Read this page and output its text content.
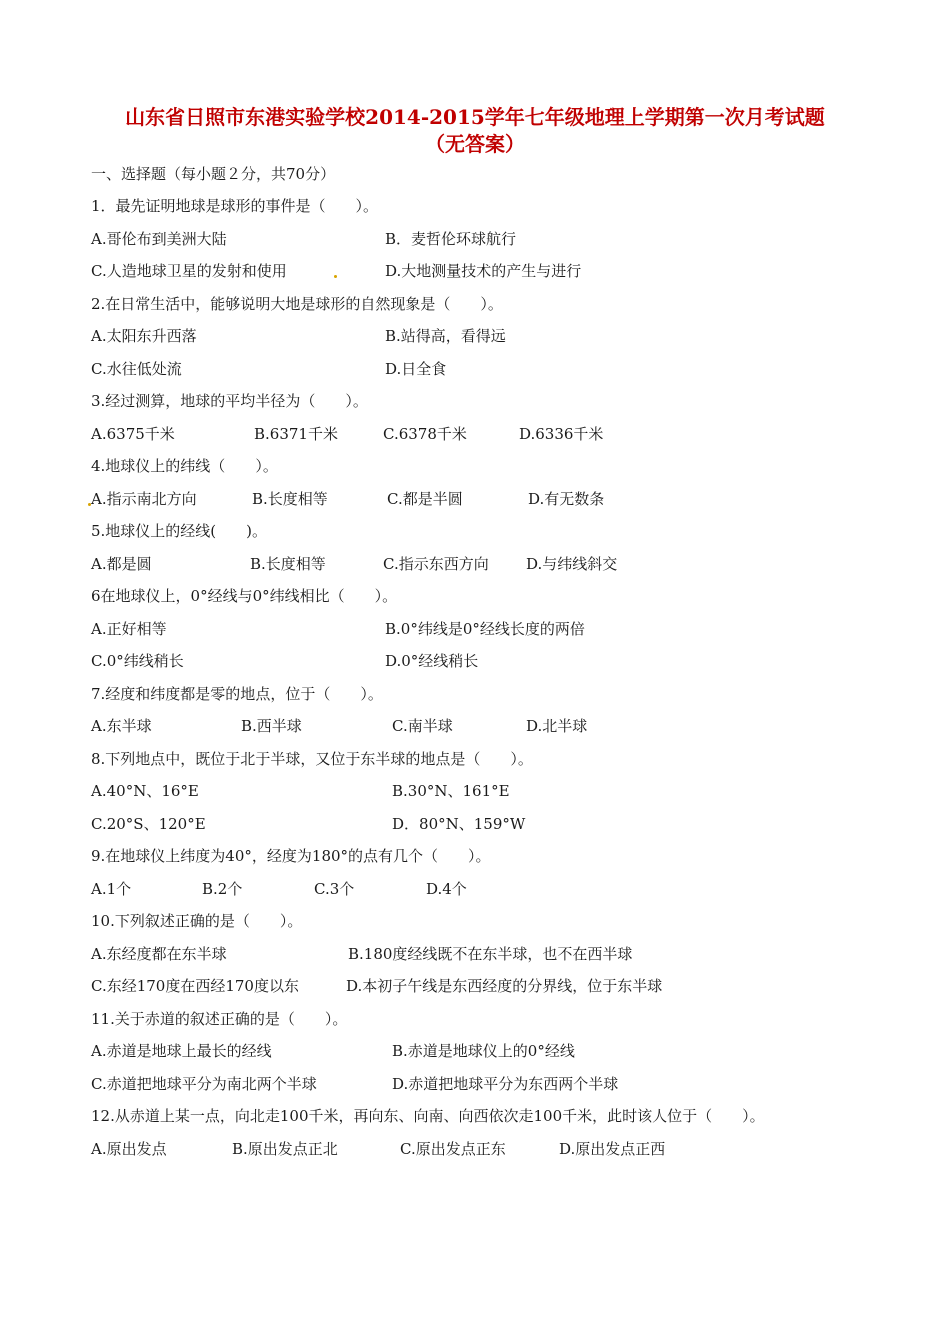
山东省日照市东港实验学校2014-2015学年七年级地理上学期第一次月考试题
（无答案）
一、选择题（每小题２分，共70分）
1．最先证明地球是球形的事件是（　　）。
A.哥伦布到美洲大陆	B．麦哲伦环球航行
C.人造地球卫星的发射和使用	D.大地测量技术的产生与进行
2.在日常生活中，能够说明大地是球形的自然现象是（　　）。
A.太阳东升西落	B.站得高，看得远
C.水往低处流	D.日全食
3.经过测算，地球的平均半径为（　　）。
A.6375千米	B.6371千米	C.6378千米	D.6336千米
4.地球仪上的纬线（　　）。
A.指示南北方向	B.长度相等	C.都是半圆	D.有无数条
5.地球仪上的经线(　　)。
A.都是圆	B.长度相等	C.指示东西方向 D.与纬线斜交
6在地球仪上，0°经线与0°纬线相比（　　）。
A.正好相等	B.0°纬线是0°经线长度的两倍
C.0°纬线稍长	D.0°经线稍长
7.经度和纬度都是零的地点，位于（　　）。
A.东半球	B.西半球	C.南半球	D.北半球
8.下列地点中，既位于北于半球，又位于东半球的地点是（　　）。
A.40°N、16°E	B.30°N、161°E
C.20°S、120°E	D．80°N、159°W
9.在地球仪上纬度为40°，经度为180°的点有几个（　　）。
A.1个	B.2个	C.3个	D.4个
10.下列叙述正确的是（　　）。
A.东经度都在东半球	B.180度经线既不在东半球，也不在西半球
C.东经170度在西经170度以东	D.本初子午线是东西经度的分界线，位于东半球
11.关于赤道的叙述正确的是（　　）。
A.赤道是地球上最长的经线	B.赤道是地球仪上的0°经线
C.赤道把地球平分为南北两个半球	D.赤道把地球平分为东西两个半球
12.从赤道上某一点，向北走100千米，再向东、向南、向西依次走100千米，此时该人位于（　　）。
A.原出发点	B.原出发点正北	C.原出发点正东	D.原出发点正西
